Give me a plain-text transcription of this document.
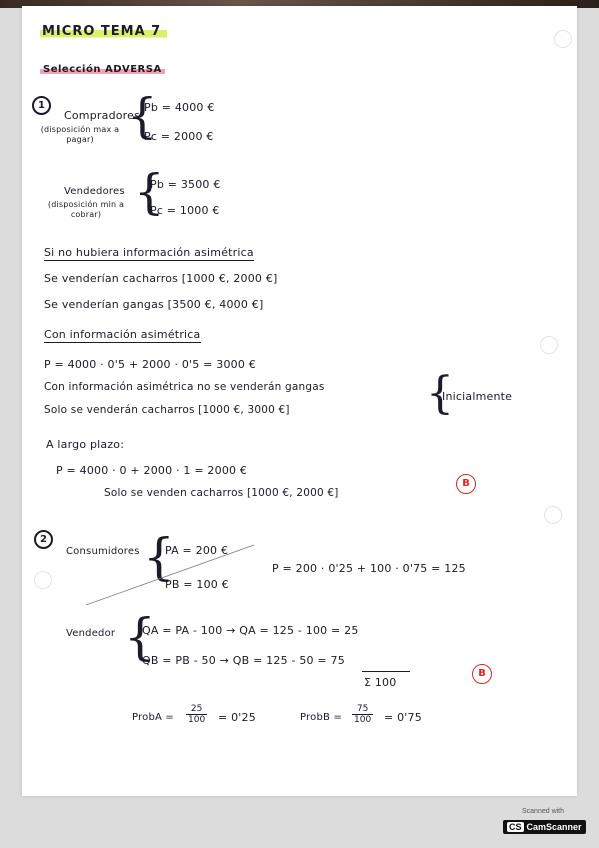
MICRO TEMA 7
Selección ADVERSA
1
Compradores
(disposición max a pagar) {
Pb = 4000 €
Pc = 2000 €
Vendedores
(disposición min a cobrar) {
Pb = 3500 €
Pc = 1000 €
Si no hubiera información asimétrica
Se venderían cacharros [1000 €, 2000 €]
Se venderían gangas [3500 €, 4000 €]
Con información asimétrica
P = 4000 · 0'5 + 2000 · 0'5 = 3000 €
Con información asimétrica no se venderán gangas
Solo se venderán cacharros [1000 €, 3000 €]	{
Inicialmente
A largo plazo:
P = 4000 · 0 + 2000 · 1 = 2000 €
Solo se venden cacharros [1000 €, 2000 €]
B
2
Consumidores {
PA = 200 €
PB = 100 €
P = 200 · 0'25 + 100 · 0'75 = 125
Vendedor {
QA = PA - 100 → QA = 125 - 100 = 25
QB = PB - 50 → QB = 125 - 50 = 75
Σ 100
B
ProbA = $\frac{25}{100} = 0'25$	ProbB = $\frac{75}{100} = 0'75$
Scanned with
CS CamScanner
